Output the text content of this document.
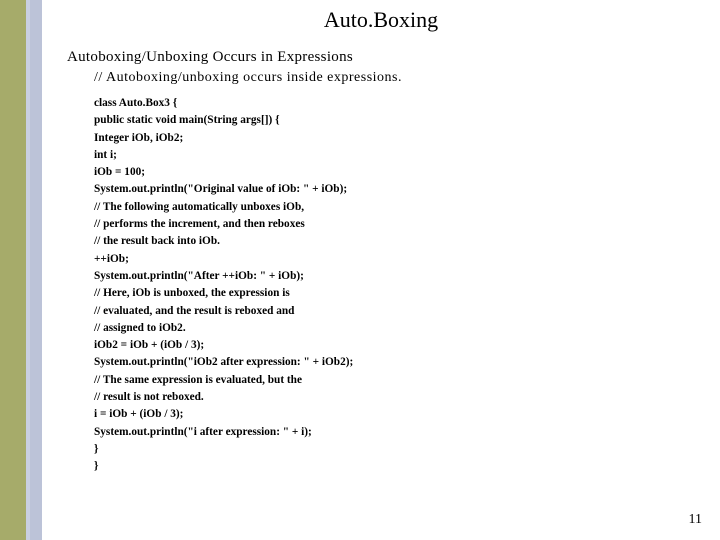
Auto.Boxing
Autoboxing/Unboxing Occurs in Expressions
// Autoboxing/unboxing occurs inside expressions.
class Auto.Box3 {
public static void main(String args[]) {
Integer iOb, iOb2;
int i;
iOb = 100;
System.out.println("Original value of iOb: " + iOb);
// The following automatically unboxes iOb,
// performs the increment, and then reboxes
// the result back into iOb.
++iOb;
System.out.println("After ++iOb: " + iOb);
// Here, iOb is unboxed, the expression is
// evaluated, and the result is reboxed and
// assigned to iOb2.
iOb2 = iOb + (iOb / 3);
System.out.println("iOb2 after expression: " + iOb2);
// The same expression is evaluated, but the
// result is not reboxed.
i = iOb + (iOb / 3);
System.out.println("i after expression: " + i);
}
}
11
